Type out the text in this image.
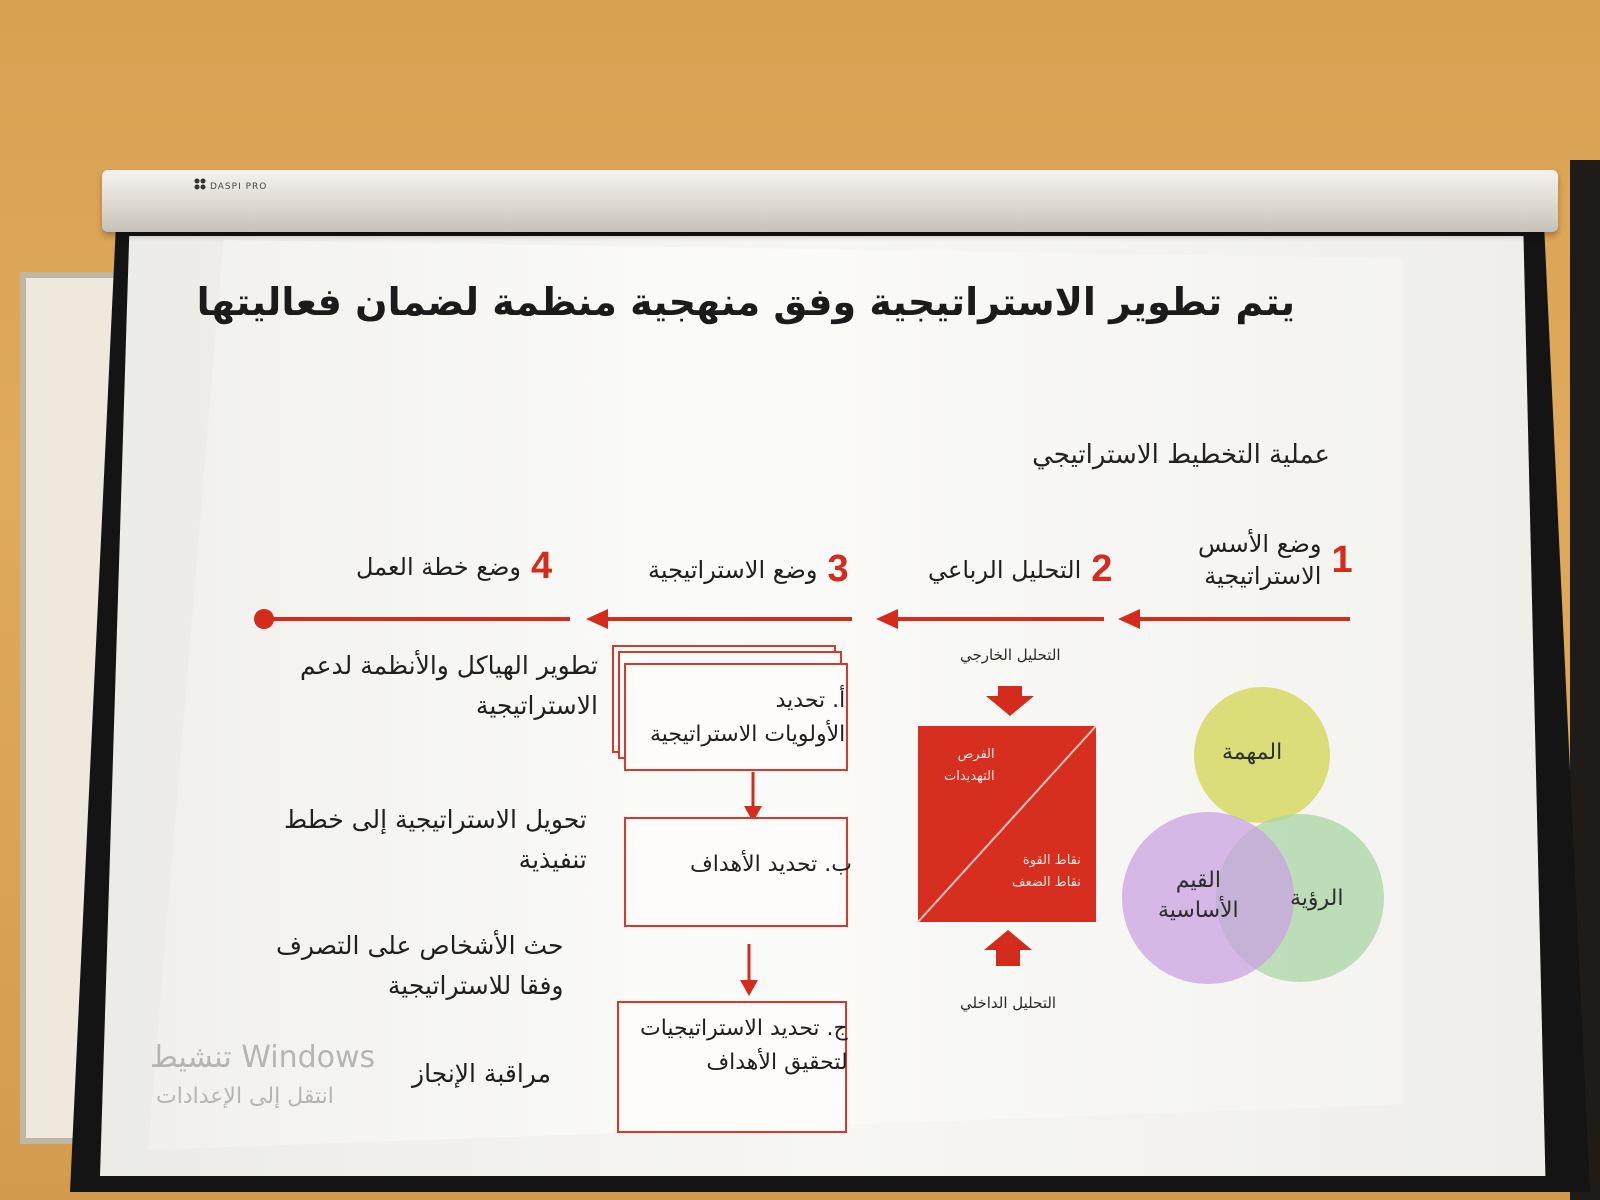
DASPI PRO
يتم تطوير الاستراتيجية وفق منهجية منظمة لضمان فعاليتها
عملية التخطيط الاستراتيجي
وضع الأسس
الاستراتيجية 1
التحليل الرباعي 2
وضع الاستراتيجية 3
وضع خطة العمل 4
المهمة
الرؤية
القيم
الأساسية
التحليل الخارجي
التحليل الداخلي
الفرص
التهديدات
نقاط القوة
نقاط الضعف
أ. تحديد
الأولويات الاستراتيجية
ب. تحديد الأهداف
ج. تحديد الاستراتيجيات
لتحقيق الأهداف
تطوير الهياكل والأنظمة لدعم
الاستراتيجية
تحويل الاستراتيجية إلى خطط
تنفيذية
حث الأشخاص على التصرف
وفقا للاستراتيجية
مراقبة الإنجاز
تنشيط Windows
انتقل إلى الإعدادات
